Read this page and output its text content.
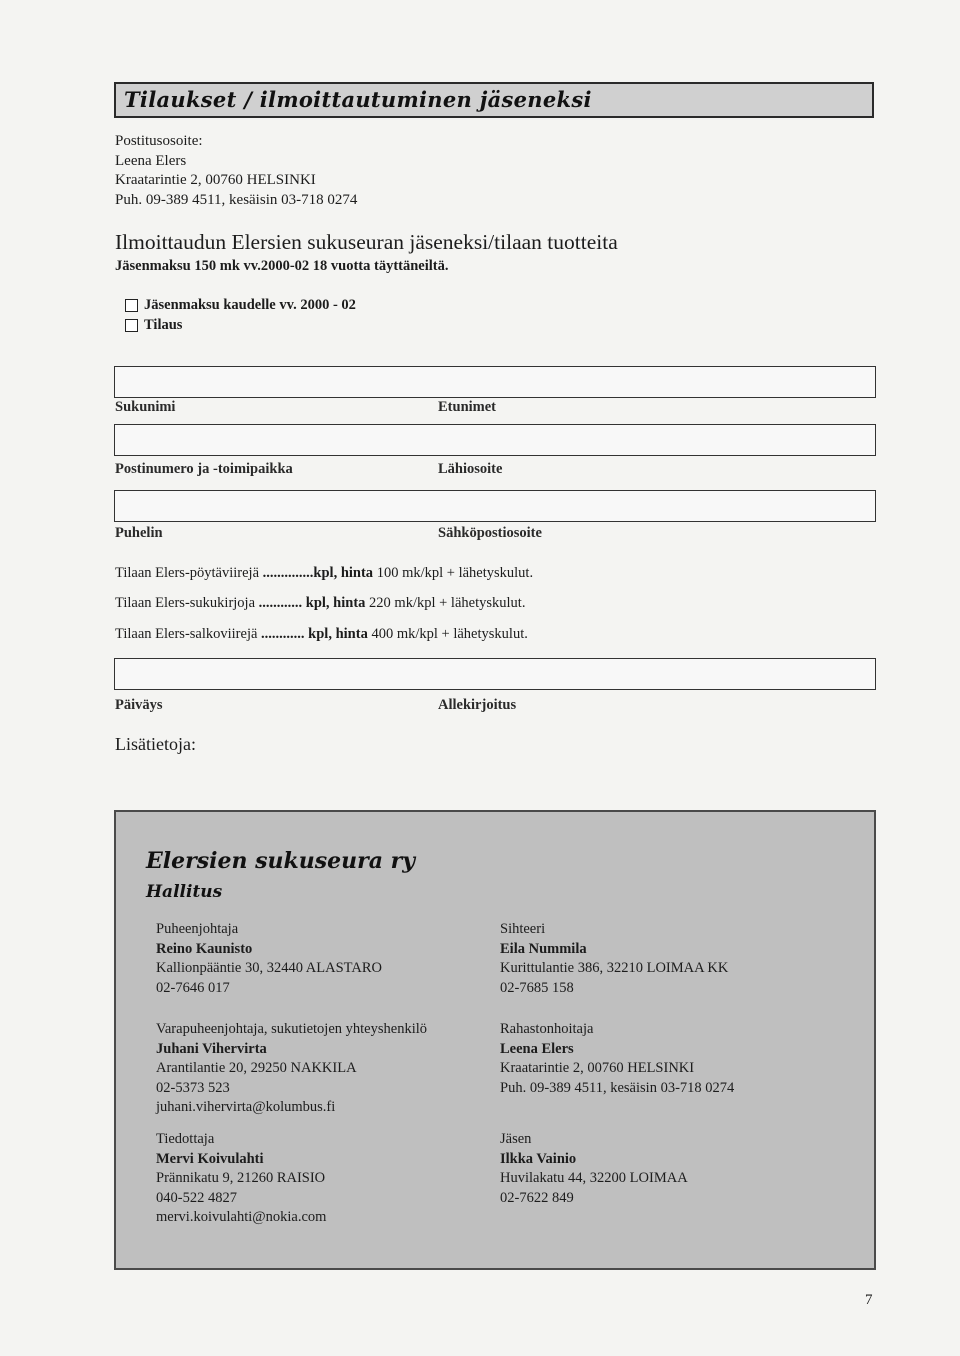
Tilaukset / ilmoittautuminen jäseneksi
Postitusosoite:
Leena Elers
Kraatarintie 2, 00760 HELSINKI
Puh. 09-389 4511, kesäisin 03-718 0274
Ilmoittaudun Elersien sukuseuran jäseneksi/tilaan tuotteita
Jäsenmaksu 150 mk vv.2000-02 18 vuotta täyttäneiltä.
Jäsenmaksu kaudelle vv. 2000 - 02
Tilaus
Sukunimi	Etunimet
Postinumero ja -toimipaikka	Lähiosoite
Puhelin	Sähköpostiosoite
Tilaan Elers-pöytäviirejä ..............kpl, hinta 100 mk/kpl + lähetyskulut.
Tilaan Elers-sukukirjoja ............ kpl, hinta 220 mk/kpl + lähetyskulut.
Tilaan Elers-salkoviirejä ............ kpl, hinta 400 mk/kpl + lähetyskulut.
Päiväys	Allekirjoitus
Lisätietoja:
Elersien sukuseura ry
Hallitus
Puheenjohtaja
Reino Kaunisto
Kallionpääntie 30, 32440 ALASTARO
02-7646 017
Sihteeri
Eila Nummila
Kurittulantie 386, 32210 LOIMAA KK
02-7685 158
Varapuheenjohtaja, sukutietojen yhteyshenkilö
Juhani Vihervirta
Arantilantie 20, 29250 NAKKILA
02-5373 523
juhani.vihervirta@kolumbus.fi
Rahastonhoitaja
Leena Elers
Kraatarintie 2, 00760 HELSINKI
Puh. 09-389 4511, kesäisin 03-718 0274
Tiedottaja
Mervi Koivulahti
Prännikatu 9, 21260 RAISIO
040-522 4827
mervi.koivulahti@nokia.com
Jäsen
Ilkka Vainio
Huvilakatu 44, 32200 LOIMAA
02-7622 849
7
